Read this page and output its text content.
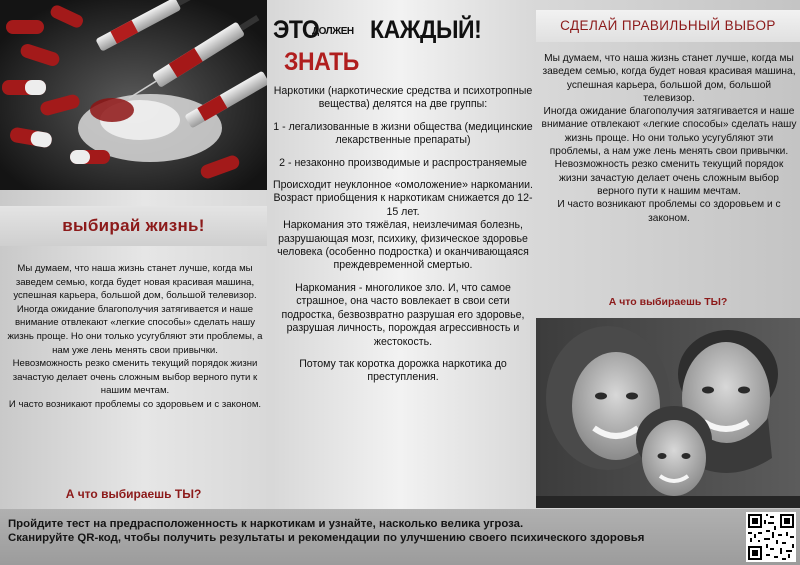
выбирай жизнь!

Мы думаем, что наша жизнь станет лучше, когда мы заведем семью, когда будет новая красивая машина, успешная карьера, большой дом, большой телевизор.

Иногда ожидание благополучия затягивается и наше внимание отвлекают «легкие способы» сделать нашу жизнь проще. Но они только усугубляют эти проблемы, а нам уже лень менять свои привычки.

Невозможность резко сменить текущий порядок жизни зачастую делает очень сложным выбор верного пути к нашим мечтам.

И часто возникают проблемы со здоровьем и с законом.

А что выбираешь ТЫ?
ЭТО
ДОЛЖЕН КАЖДЫЙ!
ЗНАТЬ

Наркотики (наркотические средства и психотропные вещества) делятся на две группы:

1 - легализованные в жизни общества (медицинские лекарственные препараты)

2 - незаконно производимые и распространяемые

Происходит неуклонное «омоложение» наркомании. Возраст приобщения к наркотикам снижается до 12-15 лет.

Наркомания это тяжёлая, неизлечимая болезнь, разрушающая мозг, психику, физическое здоровье человека (особенно подростка) и оканчивающаяся преждевременной смертью.

Наркомания - многоликое зло. И, что самое страшное, она часто вовлекает в свои сети подростка, безвозвратно разрушая его здоровье, разрушая личность, порождая агрессивность и жестокость.

Потому так коротка дорожка наркотика до преступления.

СДЕЛАЙ ПРАВИЛЬНЫЙ ВЫБОР

Мы думаем, что наша жизнь станет лучше, когда мы заведем семью, когда будет новая красивая машина, успешная карьера, большой дом, большой телевизор.

Иногда ожидание благополучия затягивается и наше внимание отвлекают «легкие способы» сделать нашу жизнь проще. Но они только усугубляют эти проблемы, а нам уже лень менять свои привычки.

Невозможность резко сменить текущий порядок жизни зачастую делает очень сложным выбор верного пути к нашим мечтам.

И часто возникают проблемы со здоровьем и с законом.

А что выбираешь ТЫ?

Пройдите тест на предрасположенность к наркотикам и узнайте, насколько велика угроза.

Сканируйте QR-код, чтобы получить результаты и рекомендации по улучшению своего психического здоровья
